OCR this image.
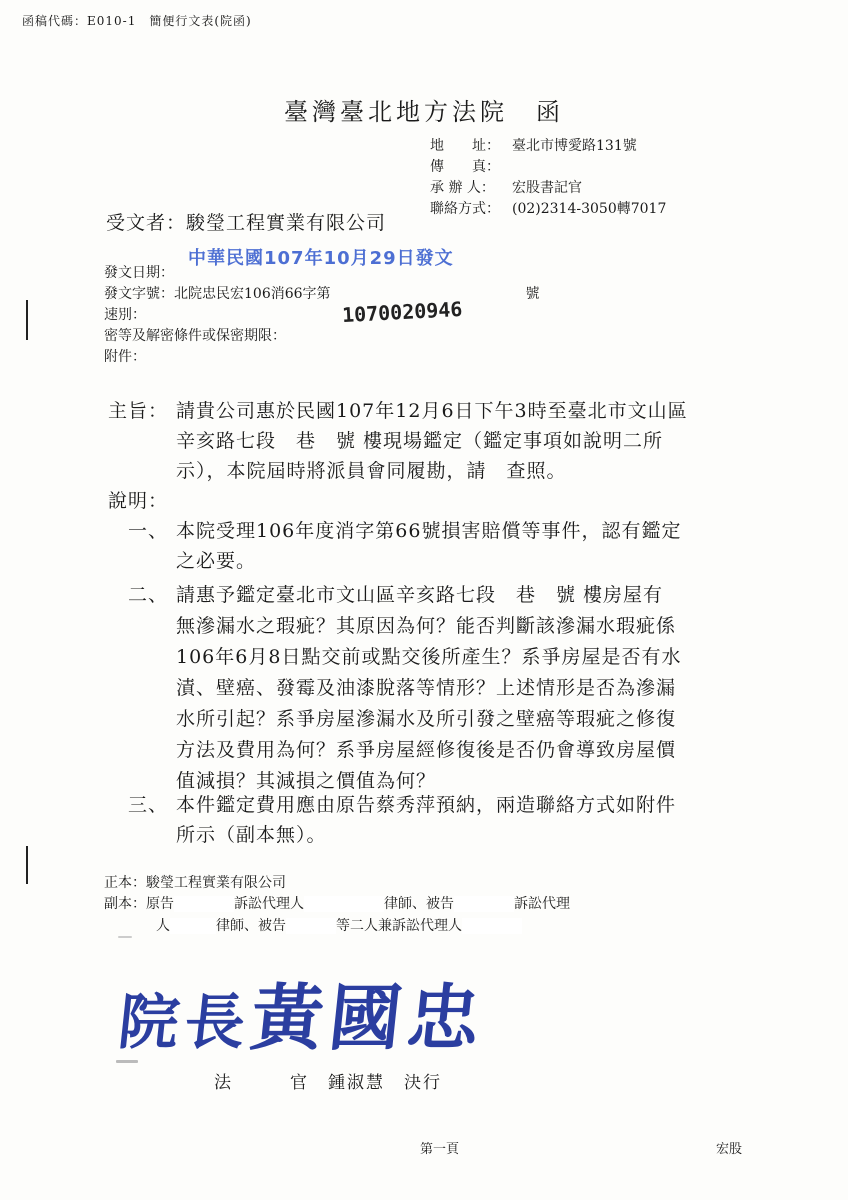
函稿代碼：E010-1　簡便行文表(院函)
臺灣臺北地方法院　函
地　　址： 臺北市博愛路131號
傳　　真：
承 辦 人： 宏股書記官
聯絡方式： (02)2314-3050轉7017
受文者：駿瑩工程實業有限公司
中華民國107年10月29日發文
發文日期：
發文字號：北院忠民宏106消66字第	號
1070020946
速別：
密等及解密條件或保密期限：
附件：
主旨： 請貴公司惠於民國107年12月6日下午3時至臺北市文山區
辛亥路七段　巷　號 樓現場鑑定（鑑定事項如說明二所
示），本院屆時將派員會同履勘，請　查照。
說明：
一、 本院受理106年度消字第66號損害賠償等事件，認有鑑定
之必要。
二、 請惠予鑑定臺北市文山區辛亥路七段　巷　號 樓房屋有
無滲漏水之瑕疵？其原因為何？能否判斷該滲漏水瑕疵係
106年6月8日點交前或點交後所產生？系爭房屋是否有水
漬、壁癌、發霉及油漆脫落等情形？上述情形是否為滲漏
水所引起？系爭房屋滲漏水及所引發之壁癌等瑕疵之修復
方法及費用為何？系爭房屋經修復後是否仍會導致房屋價
值減損？其減損之價值為何？
三、 本件鑑定費用應由原告蔡秀萍預納，兩造聯絡方式如附件
所示（副本無）。
正本：駿瑩工程實業有限公司
副本：原告	訴訟代理人	律師、被告	訴訟代理
人	律師、被告	等二人兼訴訟代理人
院長黃國忠
法　　　官　鍾淑慧　決行
第一頁	宏股
